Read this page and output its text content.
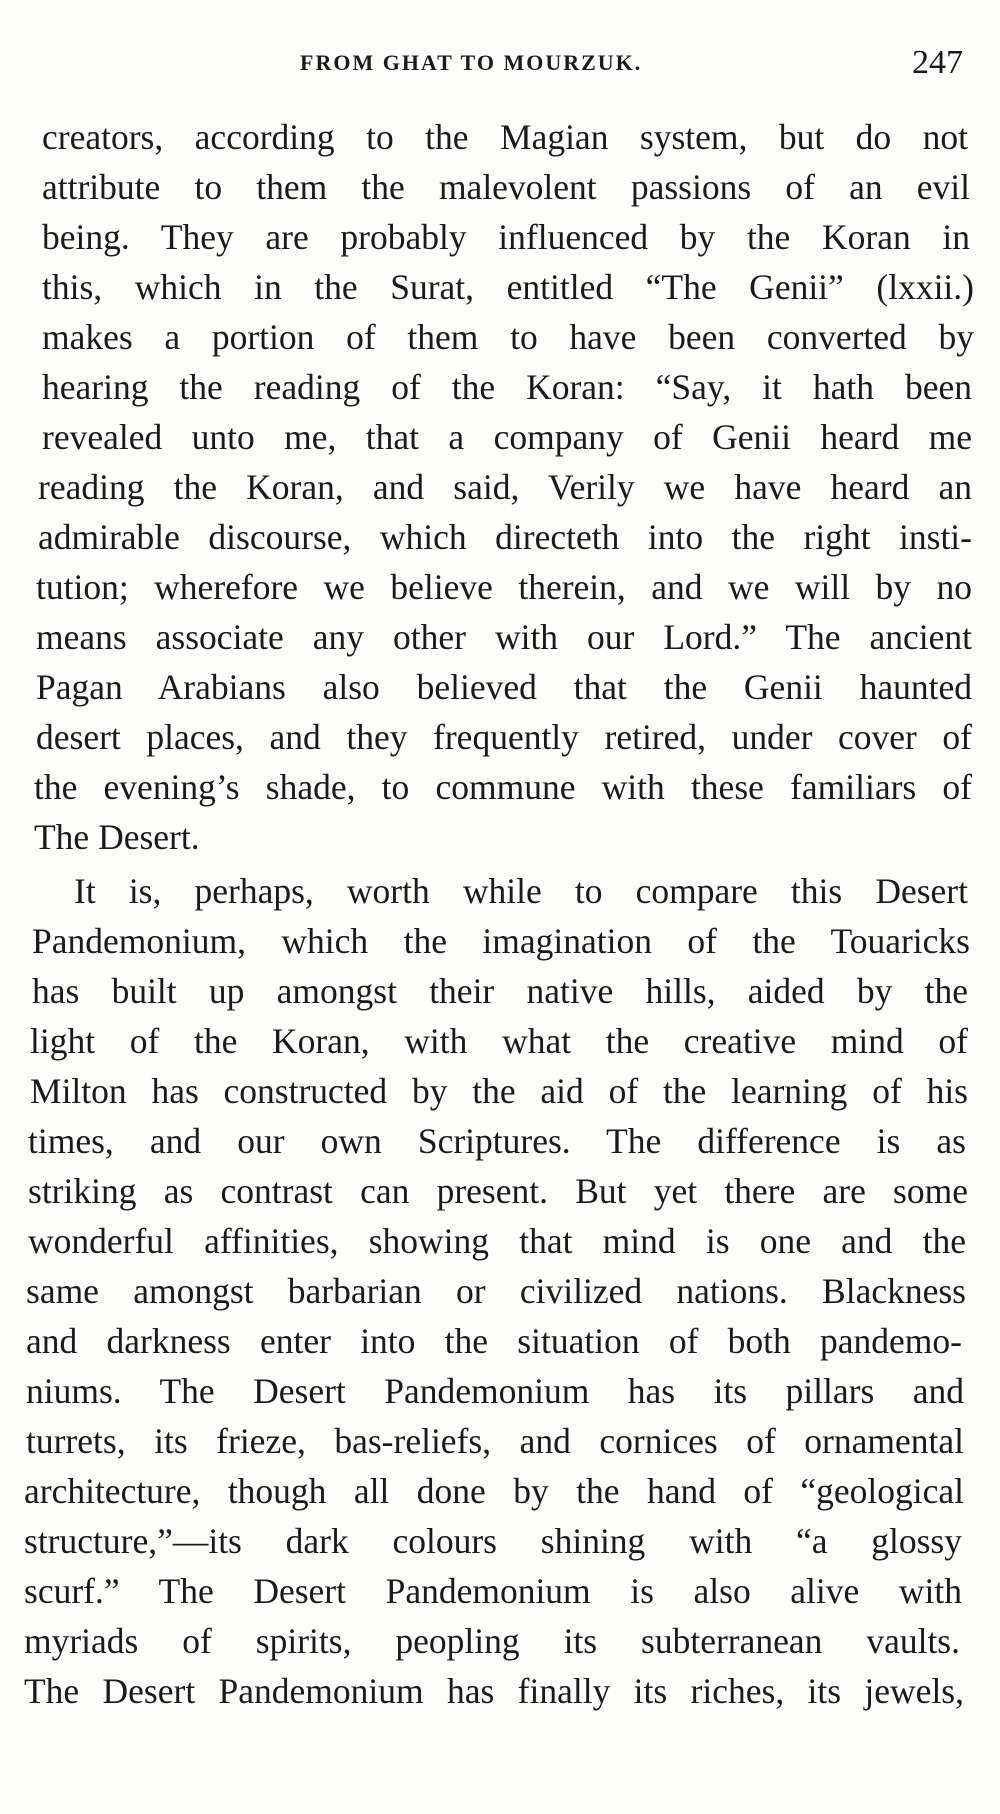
FROM GHAT TO MOURZUK.	247
creators, according to the Magian system, but do not
attribute to them the malevolent passions of an evil
being. They are probably influenced by the Koran in
this, which in the Surat, entitled “The Genii” (lxxii.)
makes a portion of them to have been converted by
hearing the reading of the Koran: “Say, it hath been
revealed unto me, that a company of Genii heard me
reading the Koran, and said, Verily we have heard an
admirable discourse, which directeth into the right insti-
tution; wherefore we believe therein, and we will by no
means associate any other with our Lord.” The ancient
Pagan Arabians also believed that the Genii haunted
desert places, and they frequently retired, under cover of
the evening’s shade, to commune with these familiars of
The Desert.
It is, perhaps, worth while to compare this Desert
Pandemonium, which the imagination of the Touaricks
has built up amongst their native hills, aided by the
light of the Koran, with what the creative mind of
Milton has constructed by the aid of the learning of his
times, and our own Scriptures. The difference is as
striking as contrast can present. But yet there are some
wonderful affinities, showing that mind is one and the
same amongst barbarian or civilized nations. Blackness
and darkness enter into the situation of both pandemo-
niums. The Desert Pandemonium has its pillars and
turrets, its frieze, bas-reliefs, and cornices of ornamental
architecture, though all done by the hand of “geological
structure,”—its dark colours shining with “a glossy
scurf.” The Desert Pandemonium is also alive with
myriads of spirits, peopling its subterranean vaults.
The Desert Pandemonium has finally its riches, its jewels,
